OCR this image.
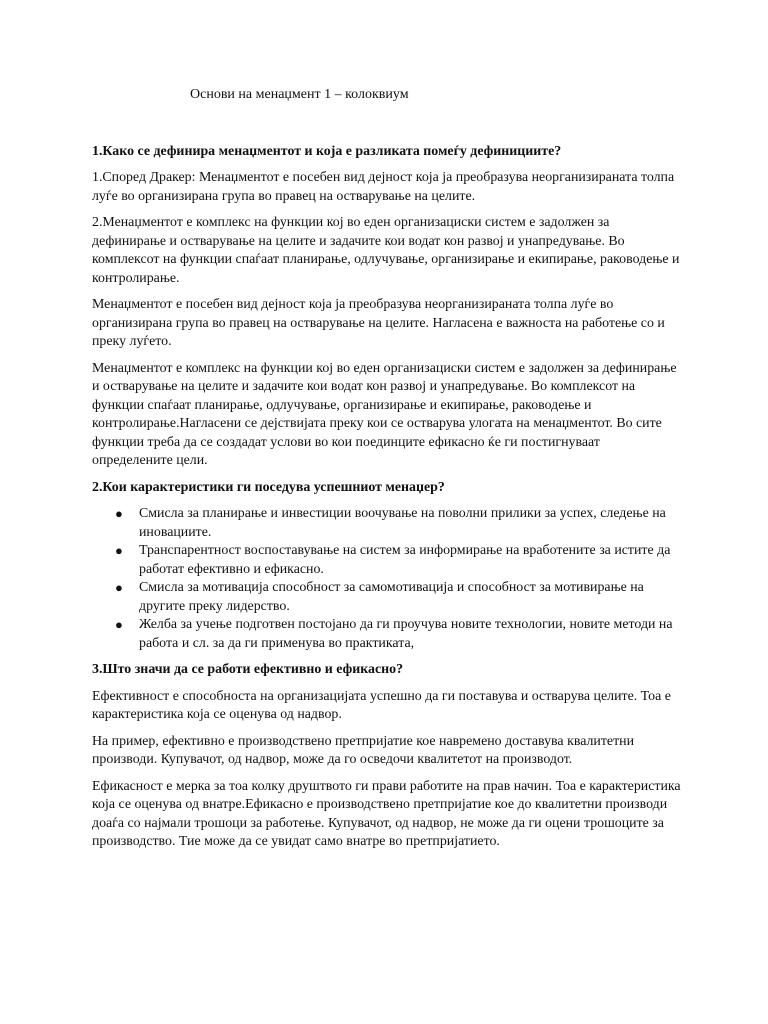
Основи на менаџмент 1 – колоквиум
1.Како се дефинира менаџментот и која е разликата помеѓу дефинициите?
1.Според Дракер: Менаџментот е посебен вид дејност која ја преобразува неорганизираната толпа луѓе во организирана група во правец на остварување на целите.
2.Менаџментот е комплекс на функции кој во еден организациски систем е задолжен за дефинирање и остварување на целите и задачите кои водат кон развој и унапредување. Во комплексот на функции спаѓаат планирање, одлучување, организирање и екипирање, раководење и контролирање.
Менаџментот е посебен вид дејност која ја преобразува неорганизираната толпа луѓе во организирана група во правец на остварување на целите. Нагласена е важноста на работење со и преку луѓето.
Менаџментот е комплекс на функции кој во еден организациски систем е задолжен за дефинирање и остварување на целите и задачите кои водат кон развој и унапредување. Во комплексот на функции спаѓаат планирање, одлучување, организирање и екипирање, раководење и контролирање.Нагласени се дејствијата преку кои се остварува улогата на менаџментот. Во сите функции треба да се создадат услови во кои поединците ефикасно ќе ги постигнуваат определените цели.
2.Кои карактеристики ги поседува успешниот менаџер?
● Смисла за планирање и инвестиции воочување на поволни прилики за успех, следење на иновациите.
● Транспарентност воспоставување на систем за информирање на вработените за истите да работат ефективно и ефикасно.
● Смисла за мотивација способност за самомотивација и способност за мотивирање на другите преку лидерство.
● Желба за учење подготвен постојано да ги проучува новите технологии, новите методи на работа и сл. за да ги применува во практиката,
3.Што значи да се работи ефективно и ефикасно?
Ефективност е способноста на организацијата успешно да ги поставува и остварува целите. Тоа е карактеристика која се оценува од надвор.
На пример, ефективно е производствено претпријатие кое навремено доставува квалитетни производи. Купувачот, од надвор, може да го осведочи квалитетот на производот.
Ефикасност е мерка за тоа колку друштвото ги прави работите на прав начин. Тоа е карактеристика која се оценува од внатре.Ефикасно е производствено претпријатие кое до квалитетни производи доаѓа со најмали трошоци за работење. Купувачот, од надвор, не може да ги оцени трошоците за производство. Тие може да се увидат само внатре во претпријатието.
